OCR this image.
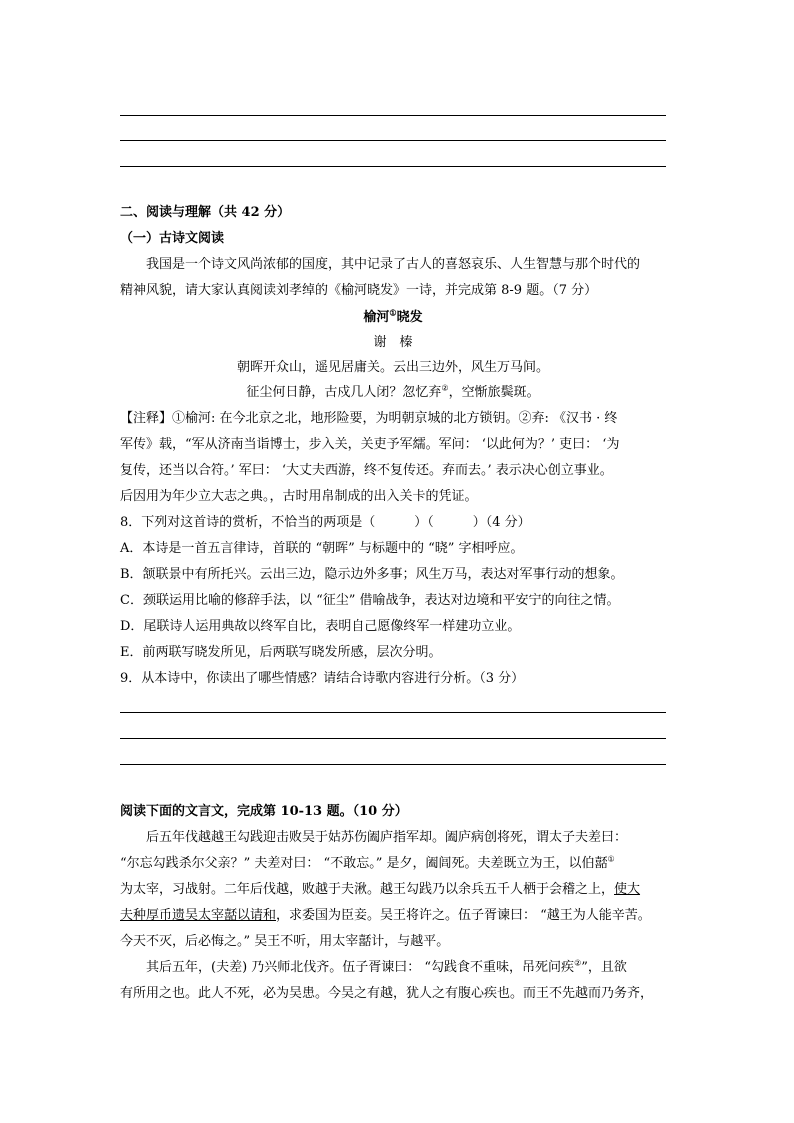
二、阅读与理解（共 42 分）
（一）古诗文阅读
我国是一个诗文风尚浓郁的国度，其中记录了古人的喜怒哀乐、人生智慧与那个时代的
精神风貌，请大家认真阅读刘孝绰的《榆河晓发》一诗，并完成第 8-9 题。（7 分）
榆河①晓发
谢　榛
朝晖开众山，遥见居庸关。云出三边外，风生万马间。
征尘何日静，古戍几人闭？忽忆弃②，空惭旅鬓斑。
【注释】①榆河: 在今北京之北，地形险要，为明朝京城的北方锁钥。②弃: 《汉书 · 终
军传》载，“军从济南当诣博士，步入关，关吏予军繻。军问： ‘以此何为？’ 吏曰： ‘为
复传，还当以合符。’ 军曰： ‘大丈夫西游，终不复传还。弃而去。’ 表示决心创立事业。
后因用为年少立大志之典。，古时用帛制成的出入关卡的凭证。
8．下列对这首诗的赏析，不恰当的两项是（　　　）（　　　）（4 分）
A．本诗是一首五言律诗，首联的 “朝晖” 与标题中的 “晓” 字相呼应。
B．颔联景中有所托兴。云出三边，隐示边外多事；风生万马，表达对军事行动的想象。
C．颈联运用比喻的修辞手法，以 “征尘” 借喻战争，表达对边境和平安宁的向往之情。
D．尾联诗人运用典故以终军自比，表明自己愿像终军一样建功立业。
E．前两联写晓发所见，后两联写晓发所感，层次分明。
9．从本诗中，你读出了哪些情感？请结合诗歌内容进行分析。（3 分）
阅读下面的文言文，完成第 10-13 题。（10 分）
后五年伐越越王勾践迎击败吴于姑苏伤阖庐指军却。阖庐病创将死，谓太子夫差曰：
“尔忘勾践杀尔父亲？” 夫差对曰： “不敢忘。” 是夕，阖闾死。夫差既立为王，以伯嚭①
为太宰，习战射。二年后伐越，败越于夫湫。越王勾践乃以余兵五千人栖于会稽之上，使大
夫种厚币遗吴太宰嚭以请和，求委国为臣妾。吴王将许之。伍子胥谏曰： “越王为人能辛苦。
今天不灭，后必悔之。” 吴王不听，用太宰嚭计，与越平。
其后五年，(夫差) 乃兴师北伐齐。伍子胥谏曰： “勾践食不重味，吊死问疾②”，且欲
有所用之也。此人不死，必为吴患。今吴之有越，犹人之有腹心疾也。而王不先越而乃务齐，
